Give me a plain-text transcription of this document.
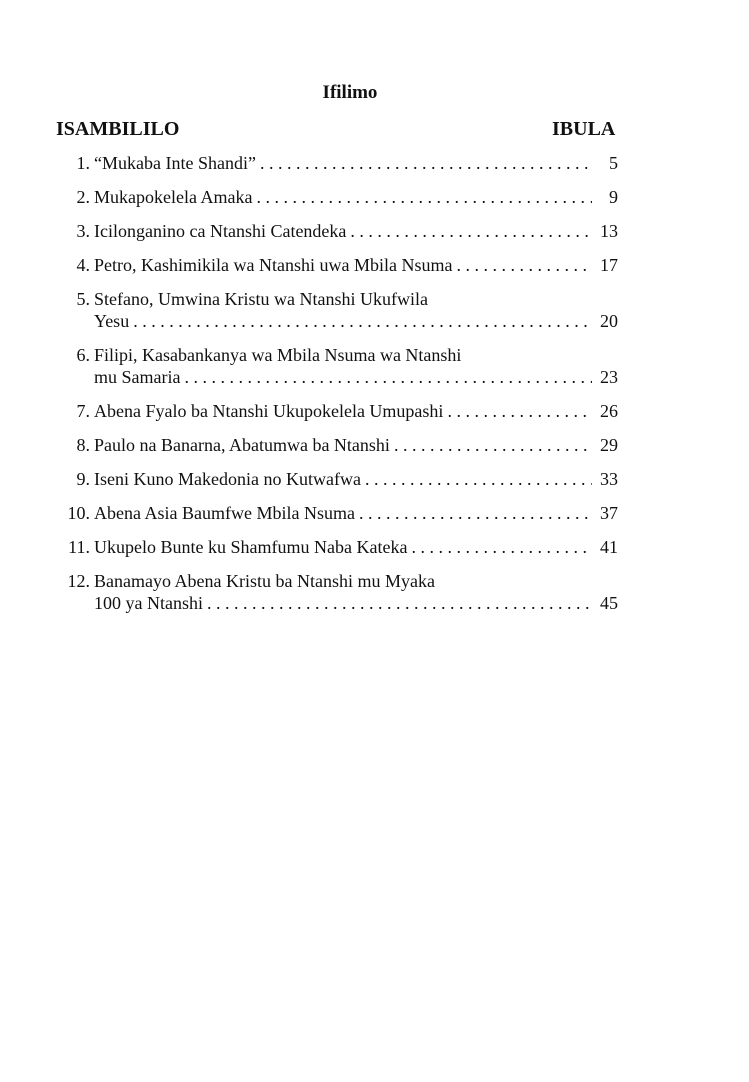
Ifilimo
ISAMBILILO	IBULA
1. “Mukaba Inte Shandi” . . .	5
2. Mukapokelela Amaka . . .	9
3. Icilonganino ca Ntanshi Catendeka . . .	13
4. Petro, Kashimikila wa Ntanshi uwa Mbila Nsuma . . .	17
5. Stefano, Umwina Kristu wa Ntanshi Ukufwila
Yesu . . .	20
6. Filipi, Kasabankanya wa Mbila Nsuma wa Ntanshi
mu Samaria . . .	23
7. Abena Fyalo ba Ntanshi Ukupokelela Umupashi . . .	26
8. Paulo na Banarna, Abatumwa ba Ntanshi . . .	29
9. Iseni Kuno Makedonia no Kutwafwa . . .	33
10. Abena Asia Baumfwe Mbila Nsuma . . .	37
11. Ukupelo Bunte ku Shamfumu Naba Kateka . . .	41
12. Banamayo Abena Kristu ba Ntanshi mu Myaka
100 ya Ntanshi . . .	45
